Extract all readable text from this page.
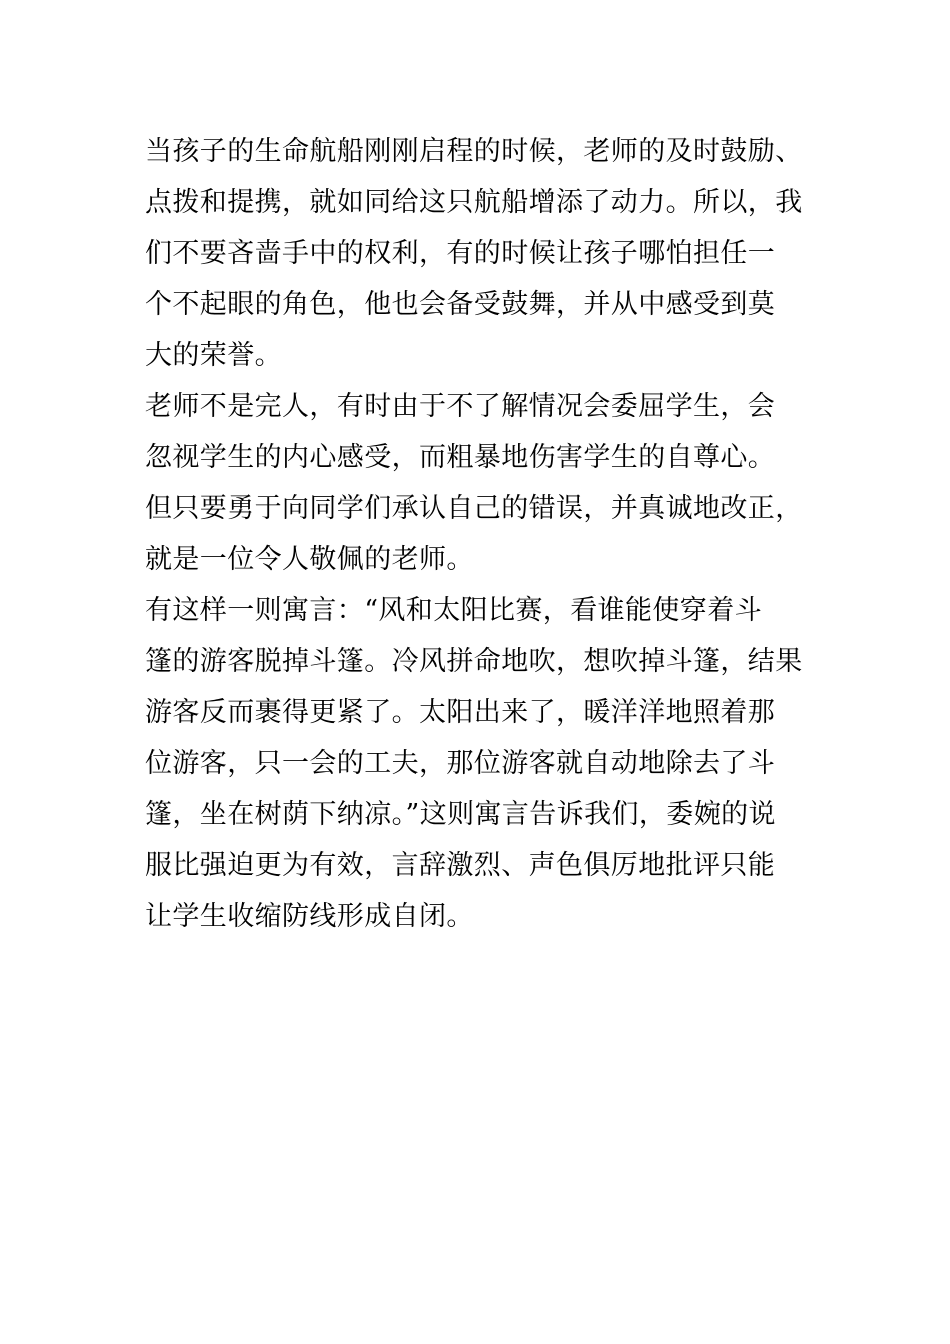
当孩子的生命航船刚刚启程的时候，老师的及时鼓励、
点拨和提携，就如同给这只航船增添了动力。所以，我
们不要吝啬手中的权利，有的时候让孩子哪怕担任一
个不起眼的角色，他也会备受鼓舞，并从中感受到莫
大的荣誉。
老师不是完人，有时由于不了解情况会委屈学生，会
忽视学生的内心感受，而粗暴地伤害学生的自尊心。
但只要勇于向同学们承认自己的错误，并真诚地改正，
就是一位令人敬佩的老师。
有这样一则寓言：“风和太阳比赛，看谁能使穿着斗
篷的游客脱掉斗篷。冷风拼命地吹，想吹掉斗篷，结果
游客反而裹得更紧了。太阳出来了，暖洋洋地照着那
位游客，只一会的工夫，那位游客就自动地除去了斗
篷，坐在树荫下纳凉。”这则寓言告诉我们，委婉的说
服比强迫更为有效，言辞激烈、声色俱厉地批评只能
让学生收缩防线形成自闭。
